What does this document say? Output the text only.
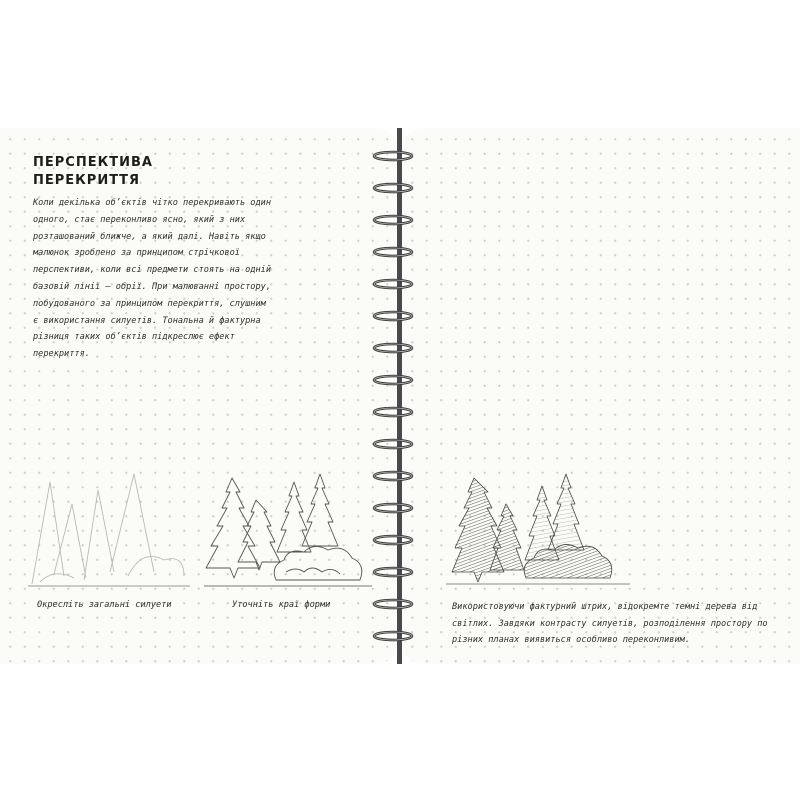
ПЕРСПЕКТИВА ПЕРЕКРИТТЯ

Коли декілька об’єктів чітко перекривають один одного, стає переконливо ясно, який з них розташований ближче, а який далі. Навіть якщо малюнок зроблено за принципом стрічкової перспективи, коли всі предмети стоять на одній базовій лінії — обрії. При малюванні простору, побудованого за принципом перекриття, слушним є використання силуетів. Тональна й фактурна різниця таких об’єктів підкреслює ефект перекриття.

Окресліть загальні силуети	Уточніть краї форми	Використовуючи фактурний штрих, відокремте темні дерева від світлих. Завдяки контрасту силуетів, розподілення простору по різних планах виявиться особливо переконливим.
